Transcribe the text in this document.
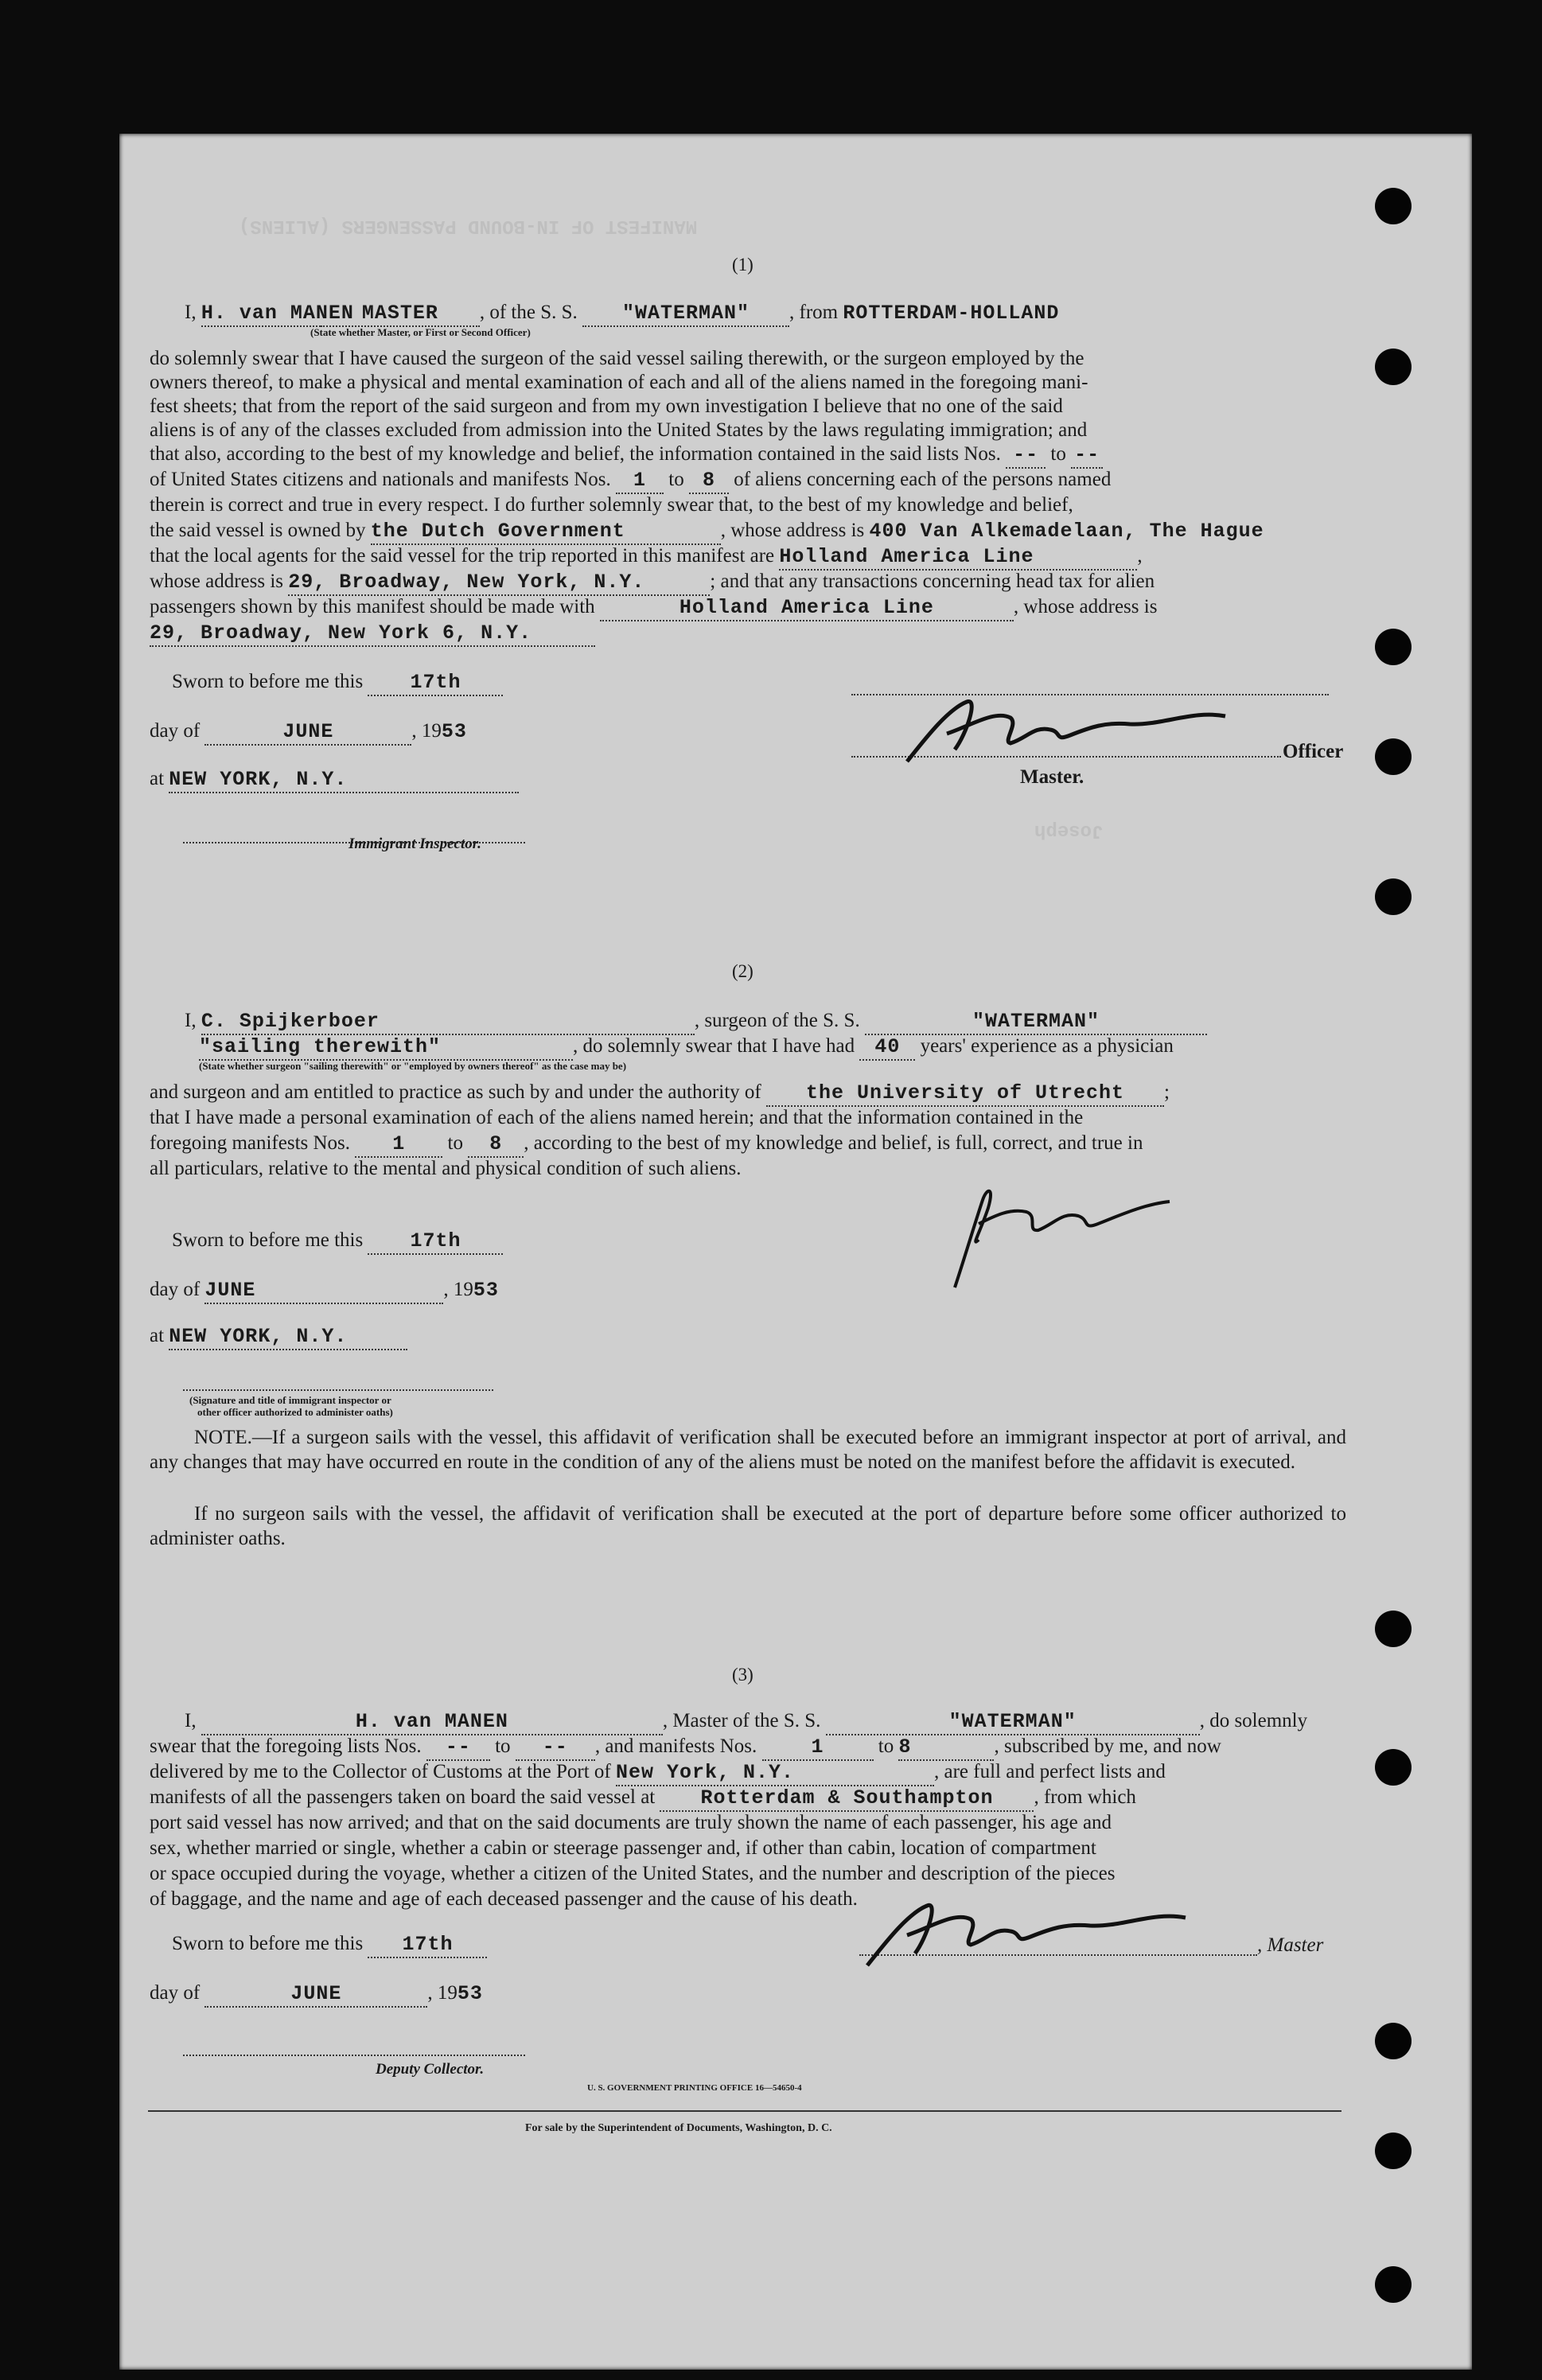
MANIFEST OF IN-BOUND PASSENGERS (ALIENS)
Joseph
(1)
I, H. van MANEN MASTER , of the S. S. "WATERMAN" , from ROTTERDAM-HOLLAND
(State whether Master, or First or Second Officer)
do solemnly swear that I have caused the surgeon of the said vessel sailing therewith, or the surgeon employed by the
owners thereof, to make a physical and mental examination of each and all of the aliens named in the foregoing mani-
fest sheets; that from the report of the said surgeon and from my own investigation I believe that no one of the said
aliens is of any of the classes excluded from admission into the United States by the laws regulating immigration; and
that also, according to the best of my knowledge and belief, the information contained in the said lists Nos. -- to --
of United States citizens and nationals and manifests Nos. 1 to 8 of aliens concerning each of the persons named
therein is correct and true in every respect. I do further solemnly swear that, to the best of my knowledge and belief,
the said vessel is owned by the Dutch Government	, whose address is 400 Van Alkemadelaan, The Hague
that the local agents for the said vessel for the trip reported in this manifest are Holland America Line	,
whose address is 29, Broadway, New York, N.Y.	; and that any transactions concerning head tax for alien
passengers shown by this manifest should be made with	Holland America Line	, whose address is
29, Broadway, New York 6, N.Y.
Sworn to before me this 17th
day of	JUNE	, 1953
at NEW YORK, N.Y.
Immigrant Inspector.
Officer
Master.
(2)
I, C. Spijkerboer	, surgeon of the S. S.	"WATERMAN"
"sailing therewith"	, do solemnly swear that I have had 40 years' experience as a physician
(State whether surgeon "sailing therewith" or "employed by owners thereof" as the case may be)
and surgeon and am entitled to practice as such by and under the authority of the University of Utrecht ;
that I have made a personal examination of each of the aliens named herein; and that the information contained in the
foregoing manifests Nos. 1 to 8 , according to the best of my knowledge and belief, is full, correct, and true in
all particulars, relative to the mental and physical condition of such aliens.
Sworn to before me this 17th
day of JUNE	, 1953
at NEW YORK, N.Y.
(Signature and title of immigrant inspector or
other officer authorized to administer oaths)
NOTE.—If a surgeon sails with the vessel, this affidavit of verification shall be executed before an immigrant inspector at port of arrival, and any changes that may have occurred en route in the condition of any of the aliens must be noted on the manifest before the affidavit is executed.
If no surgeon sails with the vessel, the affidavit of verification shall be executed at the port of departure before some officer authorized to administer oaths.
(3)
I,	H. van MANEN	, Master of the S. S.	"WATERMAN"	, do solemnly
swear that the foregoing lists Nos. -- to -- , and manifests Nos.	1	to 8	, subscribed by me, and now
delivered by me to the Collector of Customs at the Port of New York, N.Y.	, are full and perfect lists and
manifests of all the passengers taken on board the said vessel at Rotterdam & Southampton , from which
port said vessel has now arrived; and that on the said documents are truly shown the name of each passenger, his age and
sex, whether married or single, whether a cabin or steerage passenger and, if other than cabin, location of compartment
or space occupied during the voyage, whether a citizen of the United States, and the number and description of the pieces
of baggage, and the name and age of each deceased passenger and the cause of his death.
Sworn to before me this 17th	, Master
day of	JUNE	, 1953
Deputy Collector.
U. S. GOVERNMENT PRINTING OFFICE 16—54650-4
For sale by the Superintendent of Documents, Washington, D. C.
